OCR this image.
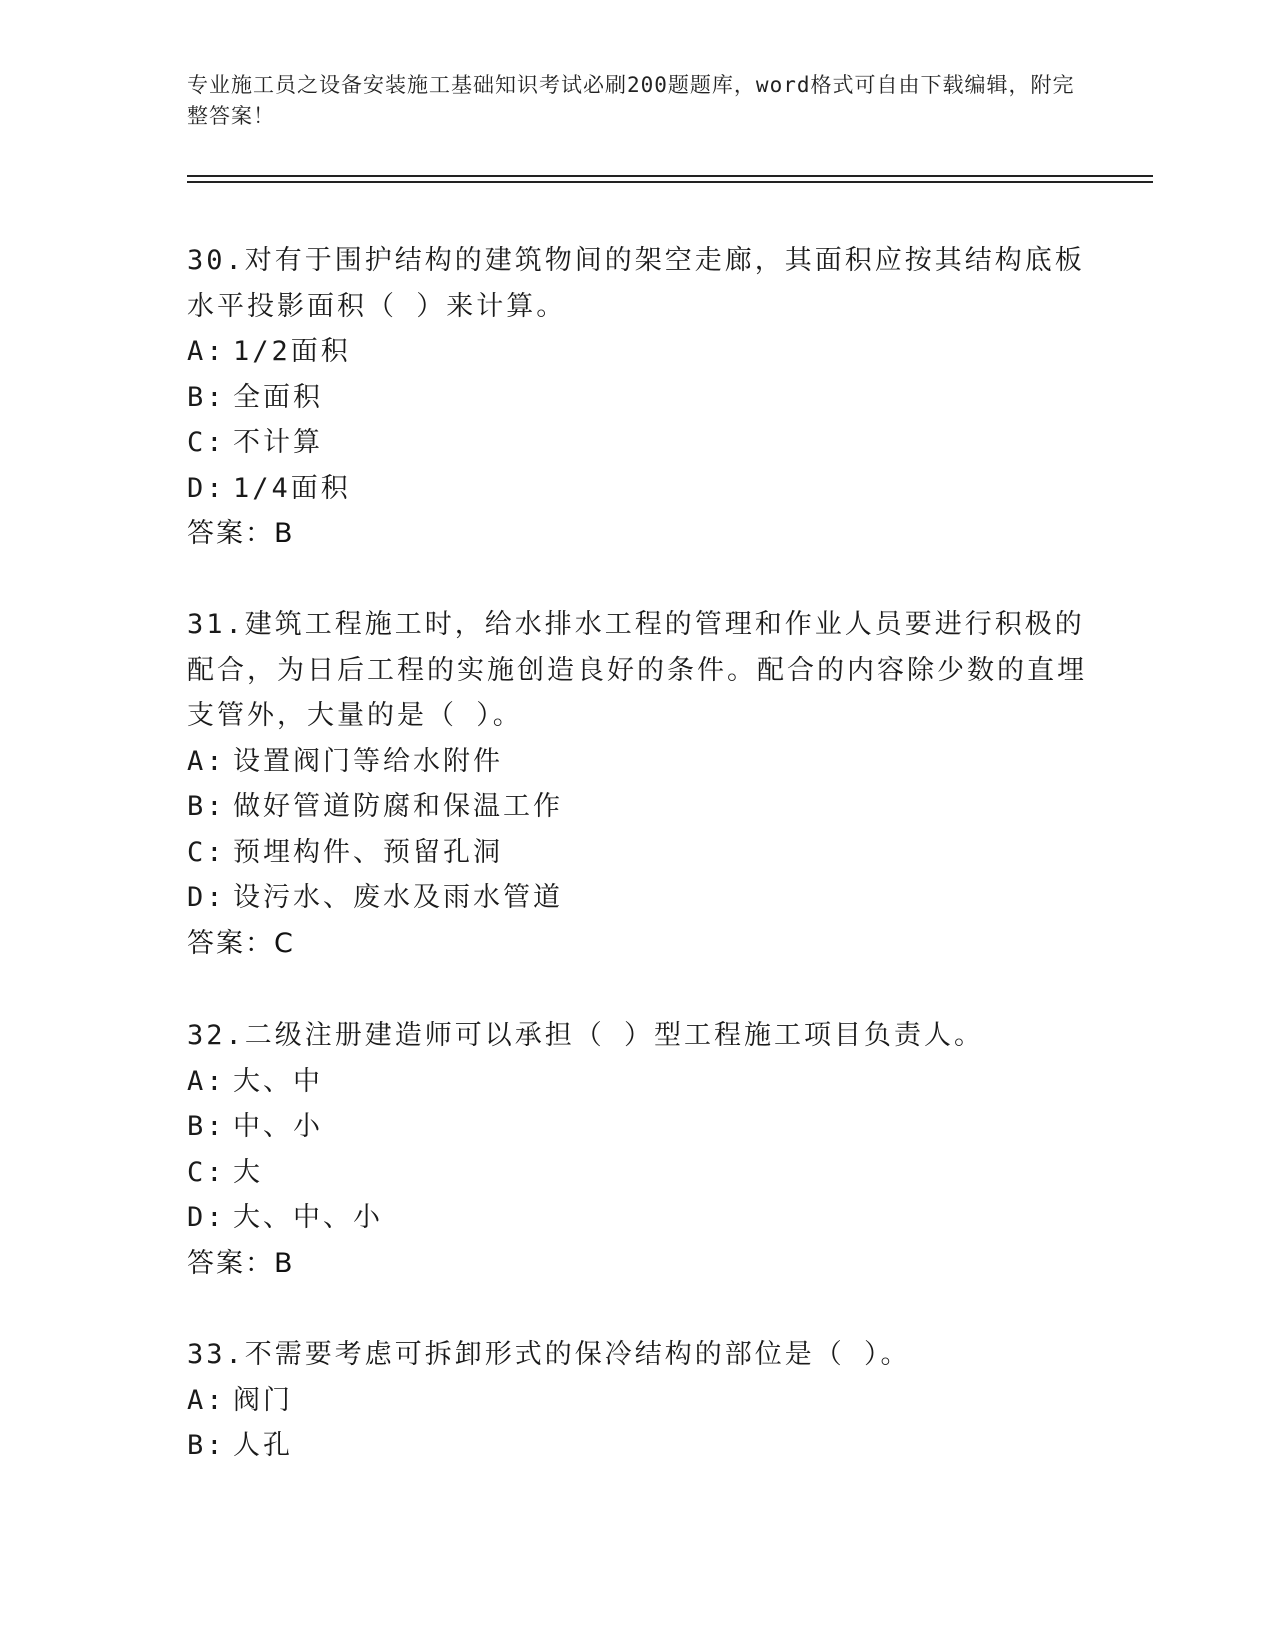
专业施工员之设备安装施工基础知识考试必刷200题题库，word格式可自由下载编辑，附完整答案！

30.对有于围护结构的建筑物间的架空走廊，其面积应按其结构底板水平投影面积（ ）来计算。

A: 1/2面积

B: 全面积

C: 不计算

D: 1/4面积

答案：B

31.建筑工程施工时，给水排水工程的管理和作业人员要进行积极的配合，为日后工程的实施创造良好的条件。配合的内容除少数的直埋支管外，大量的是（ ）。

A: 设置阀门等给水附件

B: 做好管道防腐和保温工作

C: 预埋构件、预留孔洞

D: 设污水、废水及雨水管道

答案：C

32.二级注册建造师可以承担（ ）型工程施工项目负责人。

A: 大、中

B: 中、小

C: 大

D: 大、中、小

答案：B

33.不需要考虑可拆卸形式的保冷结构的部位是（ ）。

A: 阀门

B: 人孔
